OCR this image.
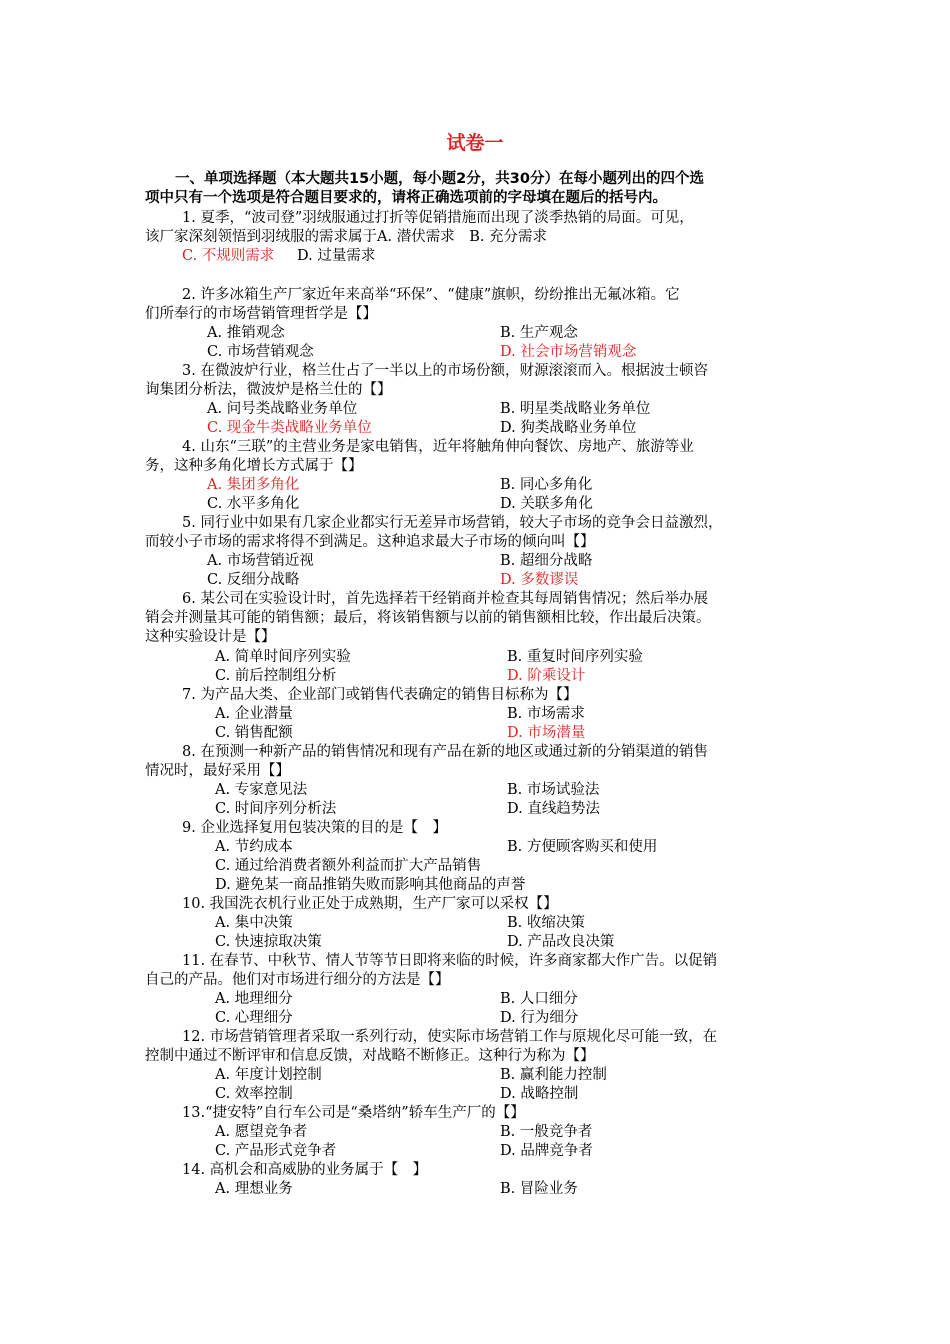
试卷一
一、单项选择题（本大题共15小题，每小题2分，共30分）在每小题列出的四个选
项中只有一个选项是符合题目要求的，请将正确选项前的字母填在题后的括号内。
1. 夏季，“波司登”羽绒服通过打折等促销措施而出现了淡季热销的局面。可见，
该厂家深刻领悟到羽绒服的需求属于A. 潜伏需求　B. 充分需求
C. 不规则需求 D. 过量需求
2. 许多冰箱生产厂家近年来高举“环保”、“健康”旗帜，纷纷推出无氟冰箱。它
们所奉行的市场营销管理哲学是【】
A. 推销观念	B. 生产观念
C. 市场营销观念	D. 社会市场营销观念
3. 在微波炉行业，格兰仕占了一半以上的市场份额，财源滚滚而入。根据波士顿咨
询集团分析法，微波炉是格兰仕的【】
A. 问号类战略业务单位	B. 明星类战略业务单位
C. 现金牛类战略业务单位	D. 狗类战略业务单位
4. 山东“三联”的主营业务是家电销售，近年将触角伸向餐饮、房地产、旅游等业
务，这种多角化增长方式属于【】
A. 集团多角化	B. 同心多角化
C. 水平多角化	D. 关联多角化
5. 同行业中如果有几家企业都实行无差异市场营销，较大子市场的竞争会日益激烈，
而较小子市场的需求将得不到满足。这种追求最大子市场的倾向叫【】
A. 市场营销近视	B. 超细分战略
C. 反细分战略	D. 多数谬误
6. 某公司在实验设计时，首先选择若干经销商并检查其每周销售情况；然后举办展
销会并测量其可能的销售额；最后，将该销售额与以前的销售额相比较，作出最后决策。
这种实验设计是【】
A. 简单时间序列实验	B. 重复时间序列实验
C. 前后控制组分析	D. 阶乘设计
7. 为产品大类、企业部门或销售代表确定的销售目标称为【】
A. 企业潜量	B. 市场需求
C. 销售配额	D. 市场潜量
8. 在预测一种新产品的销售情况和现有产品在新的地区或通过新的分销渠道的销售
情况时，最好采用【】
A. 专家意见法	B. 市场试验法
C. 时间序列分析法	D. 直线趋势法
9. 企业选择复用包装决策的目的是【　】
A. 节约成本	B. 方便顾客购买和使用
C. 通过给消费者额外利益而扩大产品销售
D. 避免某一商品推销失败而影响其他商品的声誉
10. 我国洗衣机行业正处于成熟期，生产厂家可以采权【】
A. 集中决策	B. 收缩决策
C. 快速掠取决策	D. 产品改良决策
11. 在春节、中秋节、情人节等节日即将来临的时候，许多商家都大作广告。以促销
自己的产品。他们对市场进行细分的方法是【】
A. 地理细分	B. 人口细分
C. 心理细分	D. 行为细分
12. 市场营销管理者采取一系列行动，使实际市场营销工作与原规化尽可能一致，在
控制中通过不断评审和信息反馈，对战略不断修正。这种行为称为【】
A. 年度计划控制	B. 赢利能力控制
C. 效率控制	D. 战略控制
13.“捷安特”自行车公司是“桑塔纳”轿车生产厂的【】
A. 愿望竞争者	B. 一般竞争者
C. 产品形式竞争者	D. 品牌竞争者
14. 高机会和高威胁的业务属于【　】
A. 理想业务	B. 冒险业务
